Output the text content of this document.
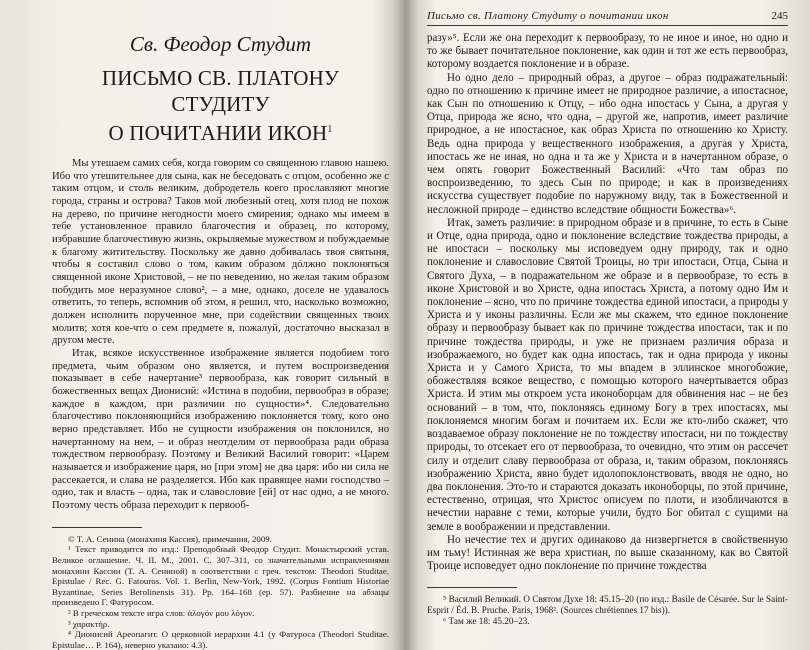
Св. Феодор Студит
ПИСЬМО СВ. ПЛАТОНУ СТУДИТУ
О ПОЧИТАНИИ ИКОН$^1$

Мы утешаем самих себя, когда говорим со священною главою нашею. Ибо что утешительнее для сына, как не беседовать с отцом, особенно же с таким отцом, и столь великим, добродетель коего прославляют многие города, страны и острова? Таков мой любезный отец, хотя плод не похож на дерево, по причине негодности моего смирения; однако мы имеем в тебе установленное правило благочестия и образец, по которому, избравшие благочестивую жизнь, окрыляемые мужеством и побуждаемые к благому житительству. Поскольку же давно добивалась твоя святыня, чтобы я составил слово о том, каким образом дóлжно поклоняться священной иконе Христовой, – не по неведению, но желая таким образом побудить мое неразумное слово², – а мне, однако, доселе не удавалось ответить, то теперь, вспомнив об этом, я решил, что, насколько возможно, должен исполнить порученное мне, при содействии священных твоих молитв; хотя кое-что о сем предмете я, пожалуй, достаточно высказал в другом месте.

Итак, всякое искусственное изображение является подобием того предмета, чьим образом оно является, и путем воспроизведения показывает в себе начертание³ первообраза, как говорит сильный в божественных вещах Дионисий: «Истина в подобии, первообраз в образе; каждое в каждом, при различии по сущности»⁴. Следовательно благочестиво поклоняющийся изображению поклоняется тому, кого оно верно представляет. Ибо не сущности изображения он поклонился, но начертанному на нем, – и образ неотделим от первообраза ради образа тождеством первообразу. Поэтому и Великий Василий говорит: «Царем называется и изображение царя, но [при этом] не два царя: ибо ни сила не рассекается, и слава не разделяется. Ибо как правящее нами господство – одно, так и власть – одна, так и славословие [ей] от нас одно, а не много. Поэтому честь образа переходит к первооб-

© Т. А. Сенина (монахиня Кассия), примечания, 2009.

¹ Текст приводится по изд.: Преподобный Феодор Студит. Монастырский устав. Великое оглашение. Ч. II. М., 2001. С. 307–311, со значительными исправлениями монахини Кассии (Т. А. Сениной) в соответствии с греч. текстом: Theodori Studitae. Epistulae / Rec. G. Fatouros. Vol. 1. Berlin, New-York, 1992. (Corpus Fontium Historiae Byzantinae, Series Berolinensis 31). Pp. 164–168 (ep. 57). Разбиение на абзацы произведено Г. Фатуросом.

² В греческом тексте игра слов: ἀλογόν μου λόγον.

³ χαρακτήρ.

⁴ Дионисий Ареопагит. О церковной иерархии 4.1 (у Фатуроса (Theodori Studitae. Epistulae… P. 164), неверно указано: 4.3).

Письмо св. Платону Студиту о почитании икон	245

разу»⁵. Если же она переходит к первообразу, то не иное и иное, но одно и то же бывает почитательное поклонение, как один и тот же есть первообраз, которому воздается поклонение и в образе.

Но одно дело – природный образ, а другое – образ подражательный: одно по отношению к причине имеет не природное различие, а ипостасное, как Сын по отношению к Отцу, – ибо одна ипостась у Сына, а другая у Отца, природа же ясно, что одна, – другой же, напротив, имеет различие природное, а не ипостасное, как образ Христа по отношению ко Христу. Ведь одна природа у вещественного изображения, а другая у Христа, ипостась же не иная, но одна и та же у Христа и в начертанном образе, о чем опять говорит Божественный Василий: «Что там образ по воспроизведению, то здесь Сын по природе; и как в произведениях искусства существует подобие по наружному виду, так в Божественной и несложной природе – единство вследствие общности Божества»⁶.

Итак, заметь различие: в природном образе и в причине, то есть в Сыне и Отце, одна природа, одно и поклонение вследствие тождества природы, а не ипостаси – поскольку мы исповедуем одну природу, так и одно поклонение и славословие Святой Троицы, но три ипостаси, Отца, Сына и Святого Духа, – в подражательном же образе и в первообразе, то есть в иконе Христовой и во Христе, одна ипостась Христа, а потому одно Им и поклонение – ясно, что по причине тождества единой ипостаси, а природы у Христа и у иконы различны. Если же мы скажем, что единое поклонение образу и первообразу бывает как по причине тождества ипостаси, так и по причине тождества природы, и уже не признаем различия образа и изображаемого, но будет как одна ипостась, так и одна природа у иконы Христа и у Самого Христа, то мы впадем в эллинское многобожие, обожествляя всякое вещество, с помощью которого начертывается образ Христа. И этим мы откроем уста иконоборцам для обвинения нас – не без оснований – в том, что, поклоняясь единому Богу в трех ипостасях, мы поклоняемся многим богам и почитаем их. Если же кто-либо скажет, что воздаваемое образу поклонение не по тождеству ипостаси, ни по тождеству природы, то отсекает его от первообраза, то очевидно, что этим он рассечет силу и отделит славу первообраза от образа, и, таким образом, поклоняясь изображению Христа, явно будет идолопоклонствовать, вводя не одно, но два поклонения. Это-то и стараются доказать иконоборцы, по этой причине, естественно, отрицая, что Христос описуем по плоти, и изобличаются в нечестии наравне с теми, которые учили, будто Бог обитал с сущими на земле в воображении и представлении.

Но нечестие тех и других одинаково да низвергнется в свойственную им тьму! Истинная же вера христиан, по выше сказанному, как во Святой Троице исповедует одно поклонение по причине тождества

⁵ Василий Великий. О Святом Духе 18: 45.15–20 (по изд.: Basile de Césarée. Sur le Saint-Esprit / Éd. B. Pruche. Paris, 1968². (Sources chrétiennes 17 bis)).

⁶ Там же 18: 45.20–23.
